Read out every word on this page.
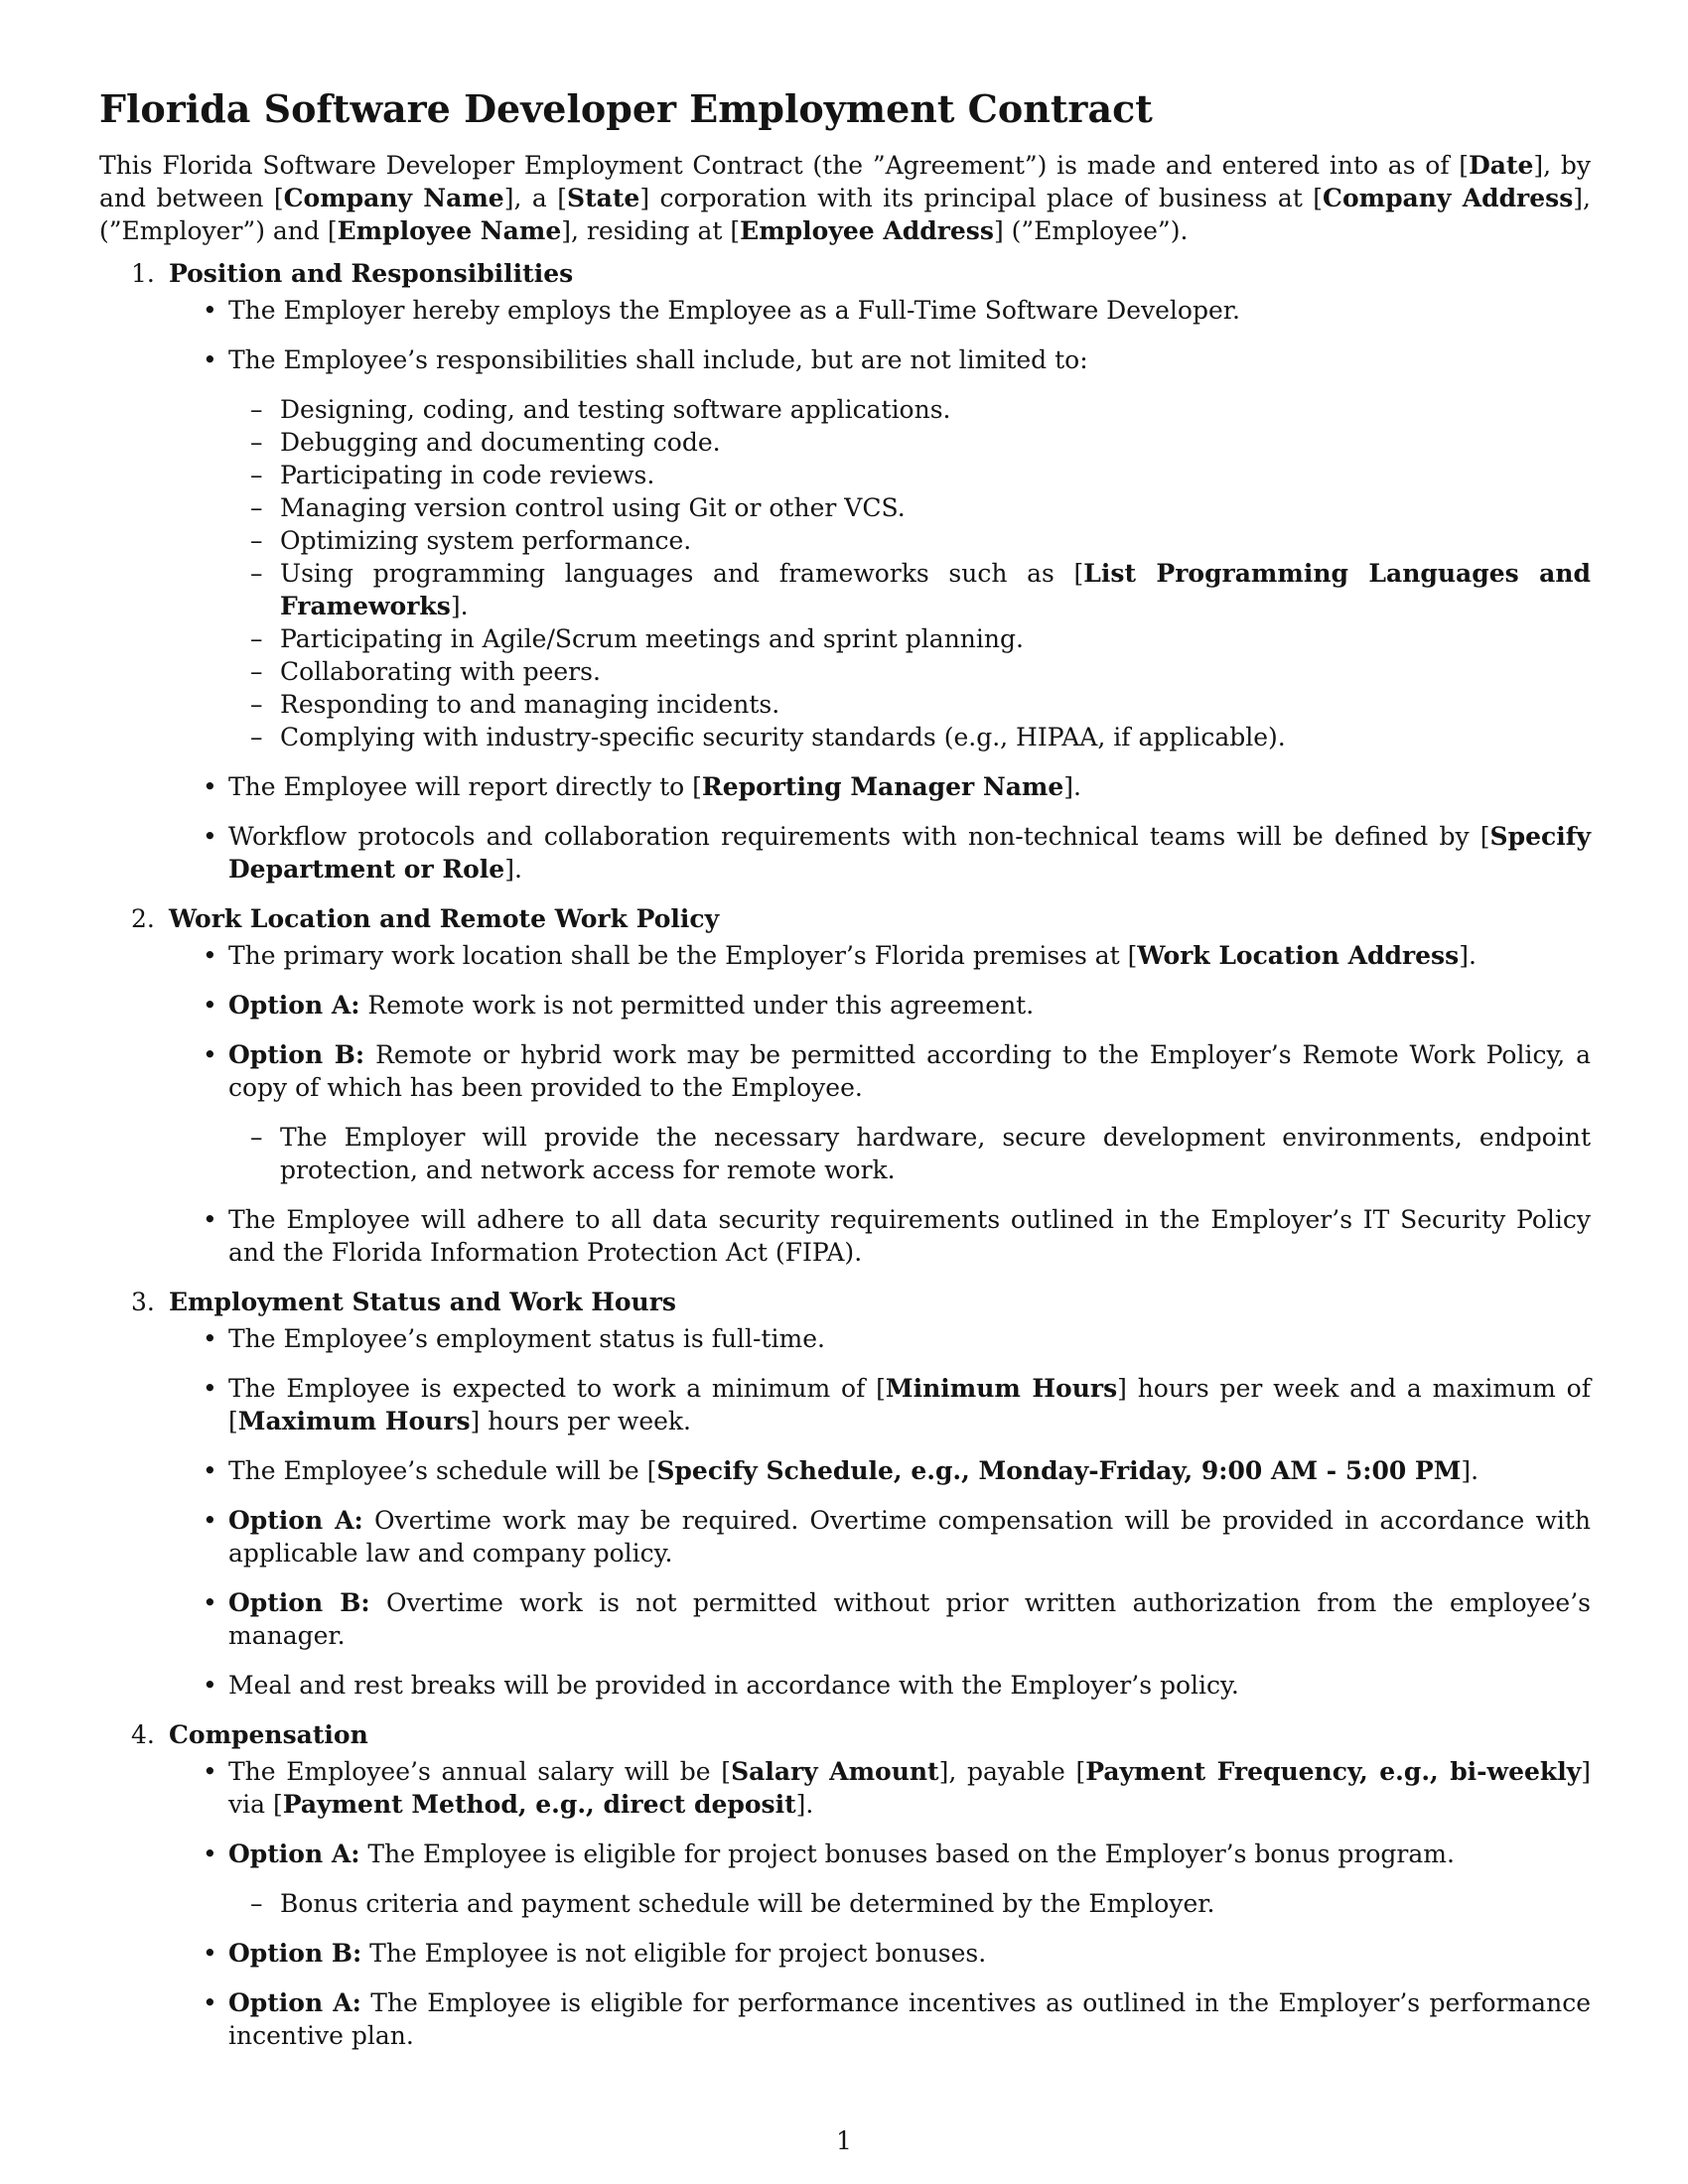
Florida Software Developer Employment Contract

This Florida Software Developer Employment Contract (the ”Agreement”) is made and entered into as of [Date], by and between [Company Name], a [State] corporation with its principal place of business at [Company Address], (”Employer”) and [Employee Name], residing at [Employee Address] (”Employee”).

1. Position and Responsibilities
• The Employer hereby employs the Employee as a Full-Time Software Developer.
• The Employee’s responsibilities shall include, but are not limited to:
– Designing, coding, and testing software applications.
– Debugging and documenting code.
– Participating in code reviews.
– Managing version control using Git or other VCS.
– Optimizing system performance.
– Using programming languages and frameworks such as [List Programming Languages and Frameworks].
– Participating in Agile/Scrum meetings and sprint planning.
– Collaborating with peers.
– Responding to and managing incidents.
– Complying with industry-specific security standards (e.g., HIPAA, if applicable).
• The Employee will report directly to [Reporting Manager Name].
• Workflow protocols and collaboration requirements with non-technical teams will be defined by [Specify Department or Role].
2. Work Location and Remote Work Policy
• The primary work location shall be the Employer’s Florida premises at [Work Location Address].
• Option A: Remote work is not permitted under this agreement.
• Option B: Remote or hybrid work may be permitted according to the Employer’s Remote Work Policy, a copy of which has been provided to the Employee.
– The Employer will provide the necessary hardware, secure development environments, endpoint protection, and network access for remote work.
• The Employee will adhere to all data security requirements outlined in the Employer’s IT Security Policy and the Florida Information Protection Act (FIPA).
3. Employment Status and Work Hours
• The Employee’s employment status is full-time.
• The Employee is expected to work a minimum of [Minimum Hours] hours per week and a maximum of [Maximum Hours] hours per week.
• The Employee’s schedule will be [Specify Schedule, e.g., Monday-Friday, 9:00 AM - 5:00 PM].
• Option A: Overtime work may be required. Overtime compensation will be provided in accordance with applicable law and company policy.
• Option B: Overtime work is not permitted without prior written authorization from the employee’s manager.
• Meal and rest breaks will be provided in accordance with the Employer’s policy.
4. Compensation
• The Employee’s annual salary will be [Salary Amount], payable [Payment Frequency, e.g., bi-weekly] via [Payment Method, e.g., direct deposit].
• Option A: The Employee is eligible for project bonuses based on the Employer’s bonus program.
– Bonus criteria and payment schedule will be determined by the Employer.
• Option B: The Employee is not eligible for project bonuses.
• Option A: The Employee is eligible for performance incentives as outlined in the Employer’s performance incentive plan.
1
